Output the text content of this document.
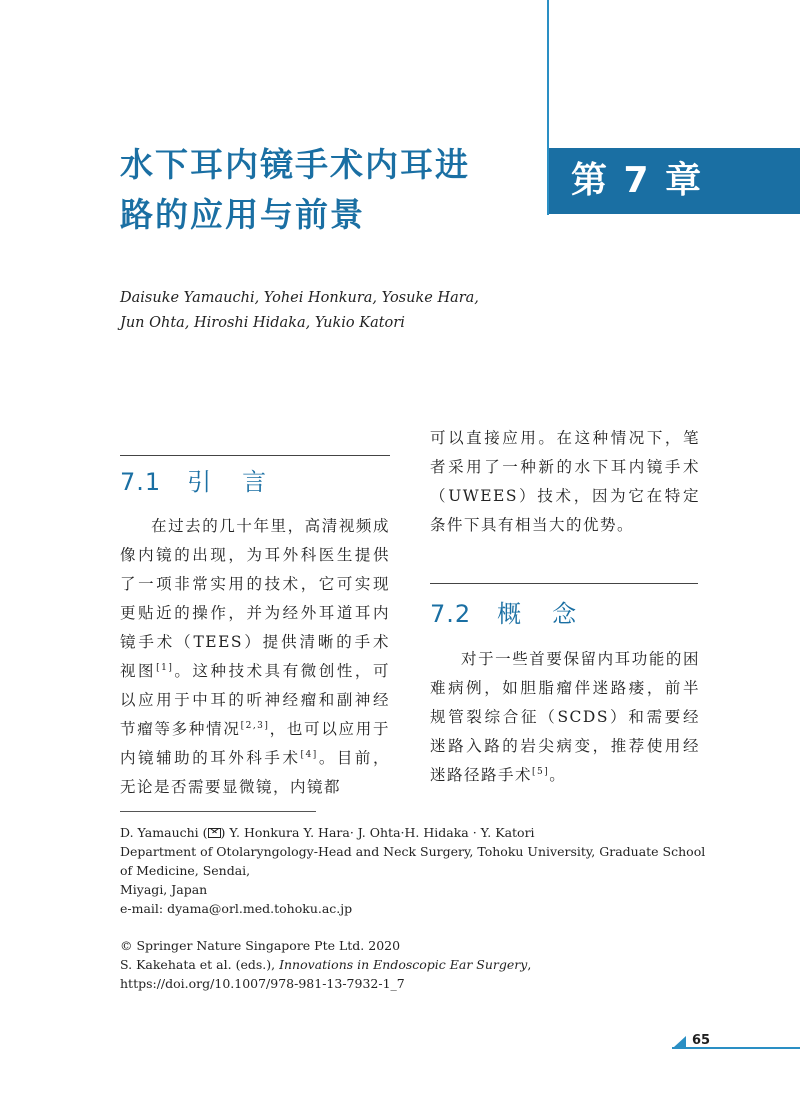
第 7 章
水下耳内镜手术内耳进
路的应用与前景
Daisuke Yamauchi, Yohei Honkura, Yosuke Hara,
Jun Ohta, Hiroshi Hidaka, Yukio Katori
7.1 引 言

在过去的几十年里，高清视频成像内镜的出现，为耳外科医生提供了一项非常实用的技术，它可实现更贴近的操作，并为经外耳道耳内镜手术（TEES）提供清晰的手术视图[1]。这种技术具有微创性，可以应用于中耳的听神经瘤和副神经节瘤等多种情况[2,3]，也可以应用于内镜辅助的耳外科手术[4]。目前，无论是否需要显微镜，内镜都

可以直接应用。在这种情况下，笔者采用了一种新的水下耳内镜手术（UWEES）技术，因为它在特定条件下具有相当大的优势。

7.2 概 念

对于一些首要保留内耳功能的困难病例，如胆脂瘤伴迷路瘘，前半规管裂综合征（SCDS）和需要经迷路入路的岩尖病变，推荐使用经迷路径路手术[5]。

D. Yamauchi ( ) Y. Honkura Y. Hara· J. Ohta·H. Hidaka · Y. Katori
Department of Otolaryngology-Head and Neck Surgery, Tohoku University, Graduate School of Medicine, Sendai,
Miyagi, Japan
e-mail: dyama@orl.med.tohoku.ac.jp
© Springer Nature Singapore Pte Ltd. 2020
S. Kakehata et al. (eds.), Innovations in Endoscopic Ear Surgery,
https://doi.org/10.1007/978-981-13-7932-1_7
65
